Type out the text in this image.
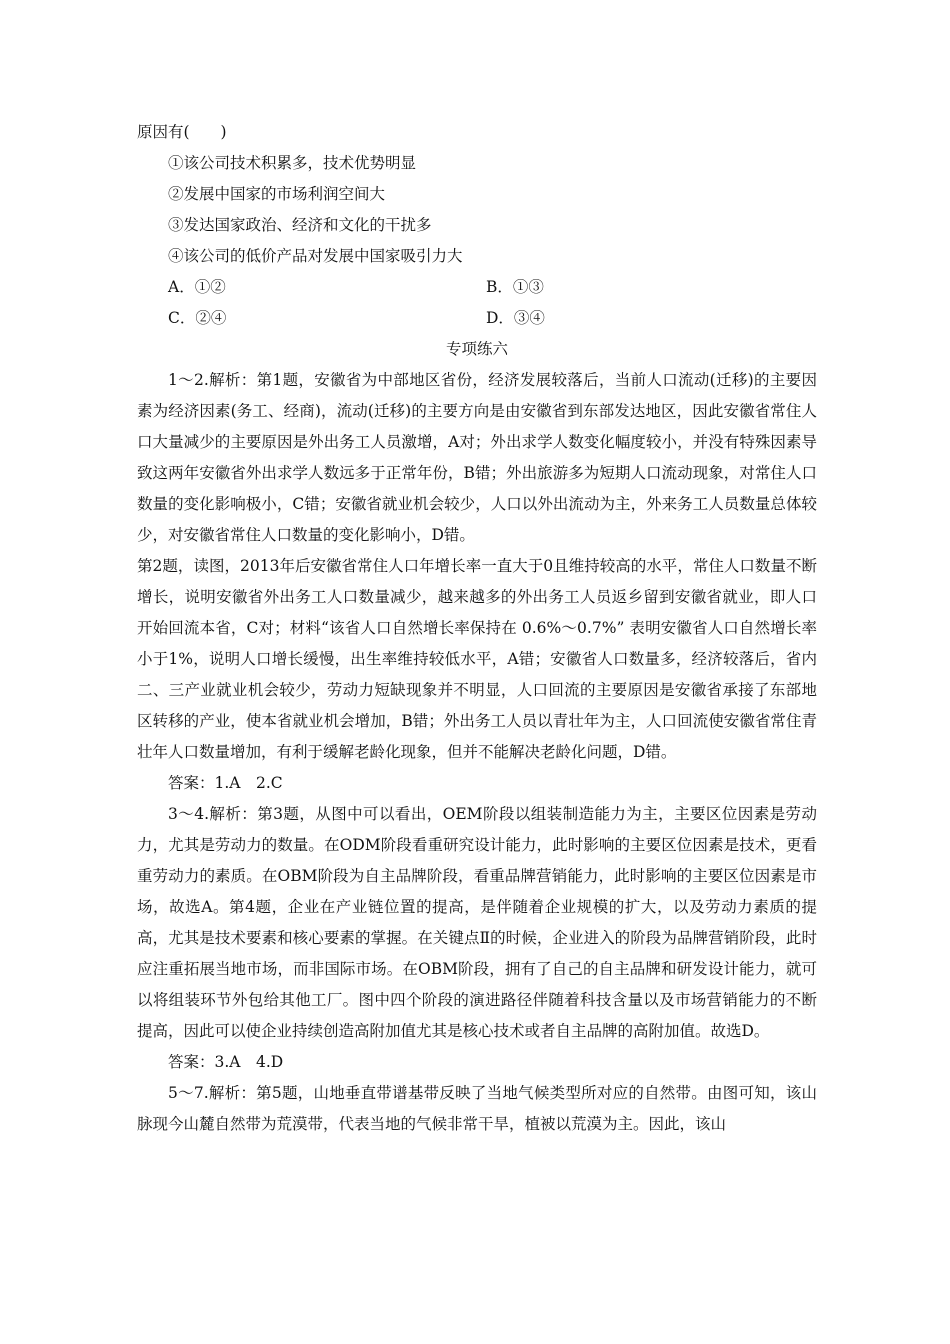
原因有(　　)

①该公司技术积累多，技术优势明显

②发展中国家的市场利润空间大

③发达国家政治、经济和文化的干扰多

④该公司的低价产品对发展中国家吸引力大

A．①②	B．①③
C．②④	D．③④

专项练六

1～2.解析：第1题，安徽省为中部地区省份，经济发展较落后，当前人口流动(迁移)的主要因素为经济因素(务工、经商)，流动(迁移)的主要方向是由安徽省到东部发达地区，因此安徽省常住人口大量减少的主要原因是外出务工人员激增，A对；外出求学人数变化幅度较小，并没有特殊因素导致这两年安徽省外出求学人数远多于正常年份，B错；外出旅游多为短期人口流动现象，对常住人口数量的变化影响极小，C错；安徽省就业机会较少，人口以外出流动为主，外来务工人员数量总体较少，对安徽省常住人口数量的变化影响小，D错。

第2题，读图，2013年后安徽省常住人口年增长率一直大于0且维持较高的水平，常住人口数量不断增长，说明安徽省外出务工人口数量减少，越来越多的外出务工人员返乡留到安徽省就业，即人口开始回流本省，C对；材料“该省人口自然增长率保持在 0.6%～0.7%” 表明安徽省人口自然增长率小于1%，说明人口增长缓慢，出生率维持较低水平，A错；安徽省人口数量多，经济较落后，省内二、三产业就业机会较少，劳动力短缺现象并不明显，人口回流的主要原因是安徽省承接了东部地区转移的产业，使本省就业机会增加，B错；外出务工人员以青壮年为主，人口回流使安徽省常住青壮年人口数量增加，有利于缓解老龄化现象，但并不能解决老龄化问题，D错。

答案：1.A　2.C

3～4.解析：第3题，从图中可以看出，OEM阶段以组装制造能力为主，主要区位因素是劳动力，尤其是劳动力的数量。在ODM阶段看重研究设计能力，此时影响的主要区位因素是技术，更看重劳动力的素质。在OBM阶段为自主品牌阶段，看重品牌营销能力，此时影响的主要区位因素是市场，故选A。第4题，企业在产业链位置的提高，是伴随着企业规模的扩大，以及劳动力素质的提高，尤其是技术要素和核心要素的掌握。在关键点Ⅱ的时候，企业进入的阶段为品牌营销阶段，此时应注重拓展当地市场，而非国际市场。在OBM阶段，拥有了自己的自主品牌和研发设计能力，就可以将组装环节外包给其他工厂。图中四个阶段的演进路径伴随着科技含量以及市场营销能力的不断提高，因此可以使企业持续创造高附加值尤其是核心技术或者自主品牌的高附加值。故选D。

答案：3.A　4.D

5～7.解析：第5题，山地垂直带谱基带反映了当地气候类型所对应的自然带。由图可知，该山脉现今山麓自然带为荒漠带，代表当地的气候非常干旱，植被以荒漠为主。因此，该山
